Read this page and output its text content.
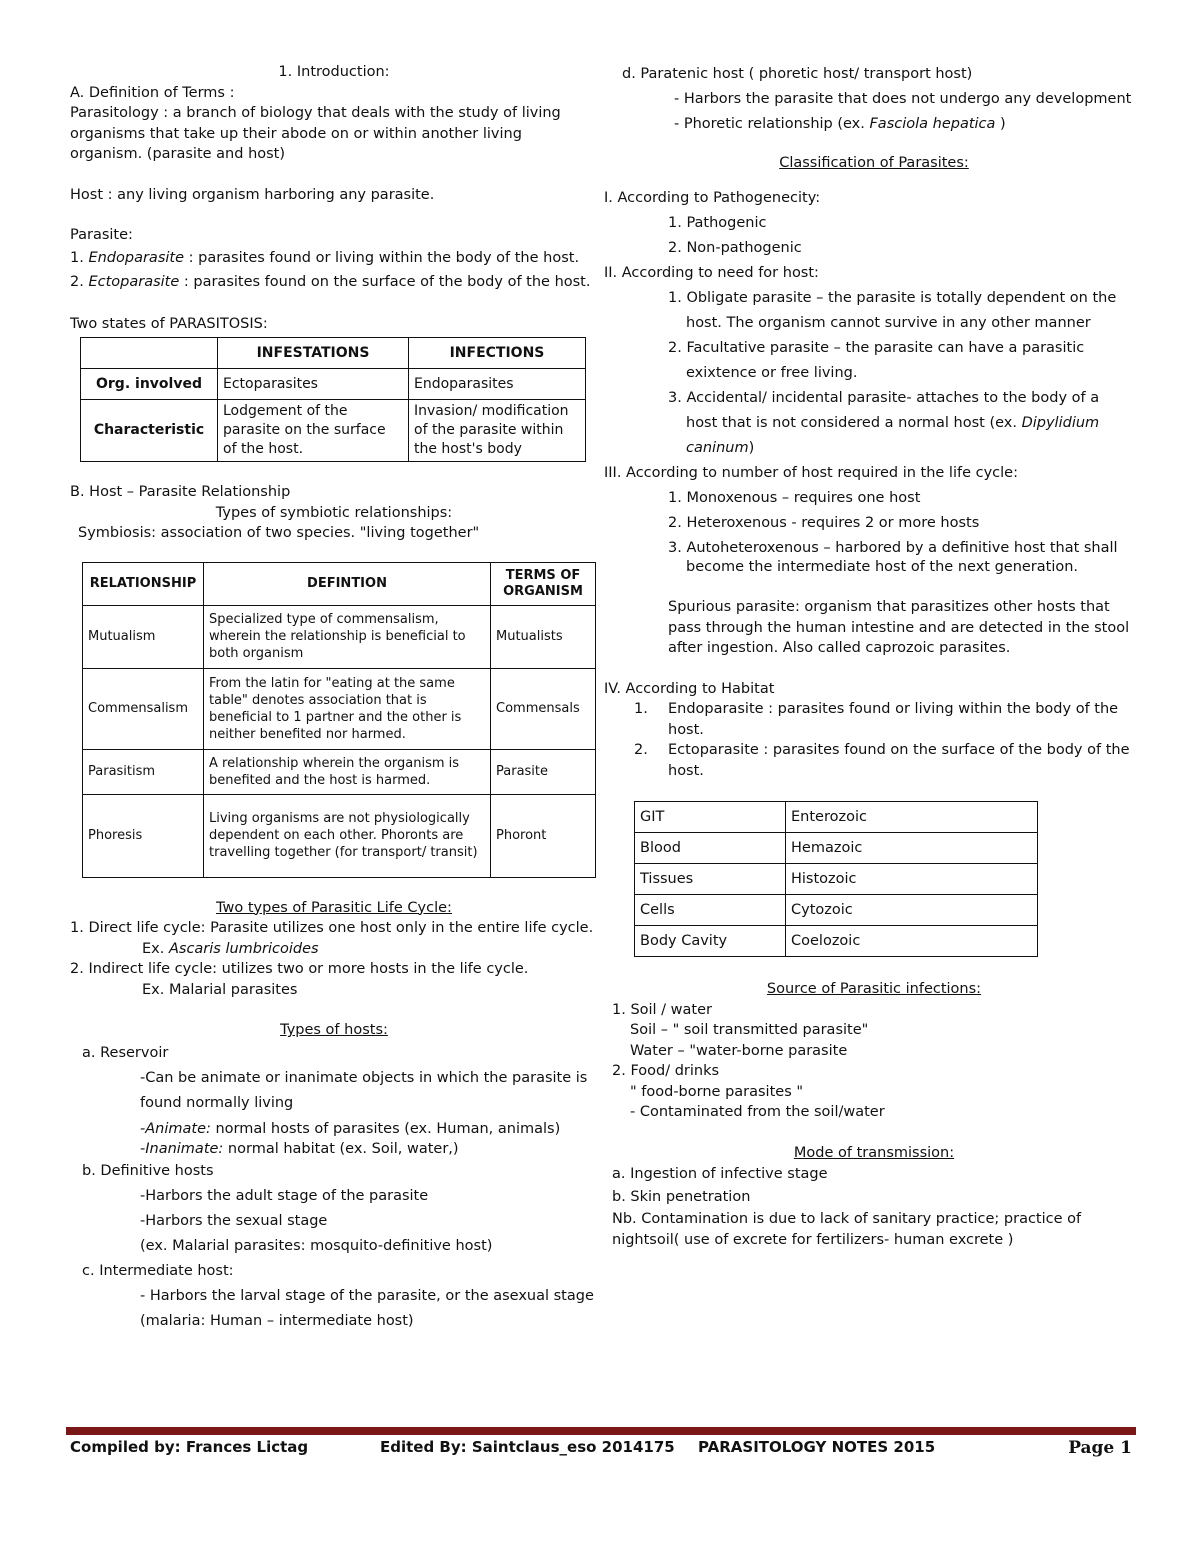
1. Introduction:

A. Definition of Terms :

Parasitology : a branch of biology that deals with the study of living organisms that take up their abode on or within another living organism. (parasite and host)

Host : any living organism harboring any parasite.

Parasite:

1. Endoparasite : parasites found or living within the body of the host.

2. Ectoparasite : parasites found on the surface of the body of the host.

Two states of PARASITOSIS:

	INFESTATIONS	INFECTIONS
Org. involved	Ectoparasites	Endoparasites
Characteristic	Lodgement of the parasite on the surface of the host.	Invasion/ modification of the parasite within the host's body

B. Host – Parasite Relationship

Types of symbiotic relationships:

Symbiosis: association of two species. "living together"

RELATIONSHIP	DEFINTION	TERMS OF ORGANISM
Mutualism	Specialized type of commensalism, wherein the relationship is beneficial to both organism	Mutualists
Commensalism	From the latin for "eating at the same table" denotes association that is beneficial to 1 partner and the other is neither benefited nor harmed.	Commensals
Parasitism	A relationship wherein the organism is benefited and the host is harmed.	Parasite
Phoresis	Living organisms are not physiologically dependent on each other. Phoronts are travelling together (for transport/ transit)	Phoront

Two types of Parasitic Life Cycle:

1. Direct life cycle: Parasite utilizes one host only in the entire life cycle.

Ex. Ascaris lumbricoides

2. Indirect life cycle: utilizes two or more hosts in the life cycle.

Ex. Malarial parasites

Types of hosts:

a. Reservoir

-Can be animate or inanimate objects in which the parasite is

found normally living

-Animate: normal hosts of parasites (ex. Human, animals)

-Inanimate: normal habitat (ex. Soil, water,)

b. Definitive hosts

-Harbors the adult stage of the parasite

-Harbors the sexual stage

(ex. Malarial parasites: mosquito-definitive host)

c. Intermediate host:

- Harbors the larval stage of the parasite, or the asexual stage

(malaria: Human – intermediate host)

d. Paratenic host ( phoretic host/ transport host)

- Harbors the parasite that does not undergo any development

- Phoretic relationship (ex. Fasciola hepatica )

Classification of Parasites:

I. According to Pathogenecity:

1. Pathogenic

2. Non-pathogenic

II. According to need for host:

1. Obligate parasite – the parasite is totally dependent on the

host. The organism cannot survive in any other manner

2. Facultative parasite – the parasite can have a parasitic

exixtence or free living.

3. Accidental/ incidental parasite- attaches to the body of a

host that is not considered a normal host (ex. Dipylidium caninum)

III. According to number of host required in the life cycle:

1. Monoxenous – requires one host

2. Heteroxenous - requires 2 or more hosts

3. Autoheteroxenous – harbored by a definitive host that shall

become the intermediate host of the next generation.

Spurious parasite: organism that parasitizes other hosts that pass through the human intestine and are detected in the stool after ingestion. Also called caprozoic parasites.

IV. According to Habitat

1.	Endoparasite : parasites found or living within the body of the host.
2.	Ectoparasite : parasites found on the surface of the body of the host.
GIT	Enterozoic
Blood	Hemazoic
Tissues	Histozoic
Cells	Cytozoic
Body Cavity	Coelozoic

Source of Parasitic infections:

1. Soil / water

Soil – " soil transmitted parasite"

Water – "water-borne parasite

2. Food/ drinks

" food-borne parasites "

- Contaminated from the soil/water

Mode of transmission:

a. Ingestion of infective stage

b. Skin penetration

Nb. Contamination is due to lack of sanitary practice; practice of nightsoil( use of excrete for fertilizers- human excrete )

Compiled by: Frances Lictag	Edited By: Saintclaus_eso 2014175 PARASITOLOGY NOTES 2015	Page 1
